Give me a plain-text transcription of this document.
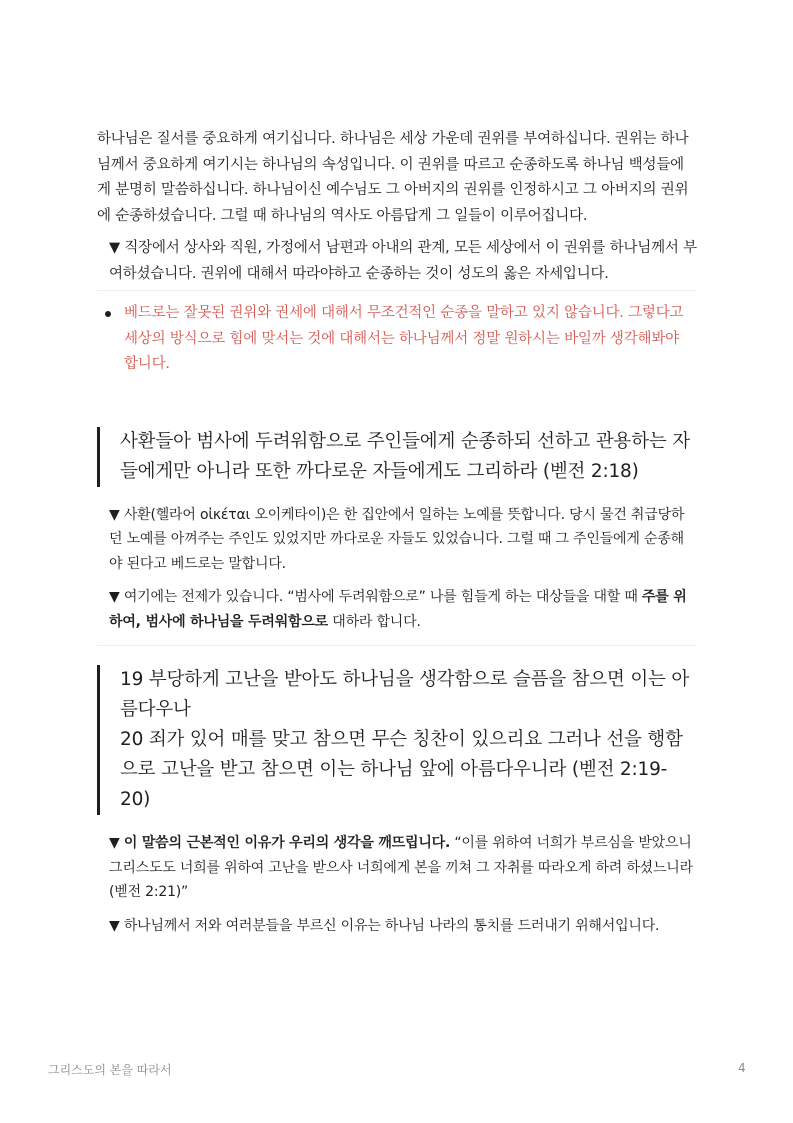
하나님은 질서를 중요하게 여기십니다. 하나님은 세상 가운데 권위를 부여하십니다. 권위는 하나님께서 중요하게 여기시는 하나님의 속성입니다. 이 권위를 따르고 순종하도록 하나님 백성들에게 분명히 말씀하십니다. 하나님이신 예수님도 그 아버지의 권위를 인정하시고 그 아버지의 권위에 순종하셨습니다. 그럴 때 하나님의 역사도 아름답게 그 일들이 이루어집니다.

▼ 직장에서 상사와 직원, 가정에서 남편과 아내의 관계, 모든 세상에서 이 권위를 하나님께서 부여하셨습니다. 권위에 대해서 따라야하고 순종하는 것이 성도의 옳은 자세입니다.

베드로는 잘못된 권위와 권세에 대해서 무조건적인 순종을 말하고 있지 않습니다. 그렇다고 세상의 방식으로 힘에 맞서는 것에 대해서는 하나님께서 정말 원하시는 바일까 생각해봐야 합니다.
사환들아 범사에 두려워함으로 주인들에게 순종하되 선하고 관용하는 자들에게만 아니라 또한 까다로운 자들에게도 그리하라 (벧전 2:18)

▼ 사환(헬라어 οἰκέται 오이케타이)은 한 집안에서 일하는 노예를 뜻합니다. 당시 물건 취급당하던 노예를 아껴주는 주인도 있었지만 까다로운 자들도 있었습니다. 그럴 때 그 주인들에게 순종해야 된다고 베드로는 말합니다.

▼ 여기에는 전제가 있습니다. “범사에 두려워함으로” 나를 힘들게 하는 대상들을 대할 때 주를 위하여, 범사에 하나님을 두려워함으로 대하라 합니다.

19 부당하게 고난을 받아도 하나님을 생각함으로 슬픔을 참으면 이는 아름다우나
20 죄가 있어 매를 맞고 참으면 무슨 칭찬이 있으리요 그러나 선을 행함으로 고난을 받고 참으면 이는 하나님 앞에 아름다우니라 (벧전 2:19-20)

▼ 이 말씀의 근본적인 이유가 우리의 생각을 깨뜨립니다. “이를 위하여 너희가 부르심을 받았으니 그리스도도 너희를 위하여 고난을 받으사 너희에게 본을 끼쳐 그 자취를 따라오게 하려 하셨느니라 (벧전 2:21)”

▼ 하나님께서 저와 여러분들을 부르신 이유는 하나님 나라의 통치를 드러내기 위해서입니다.

그리스도의 본을 따라서	4
